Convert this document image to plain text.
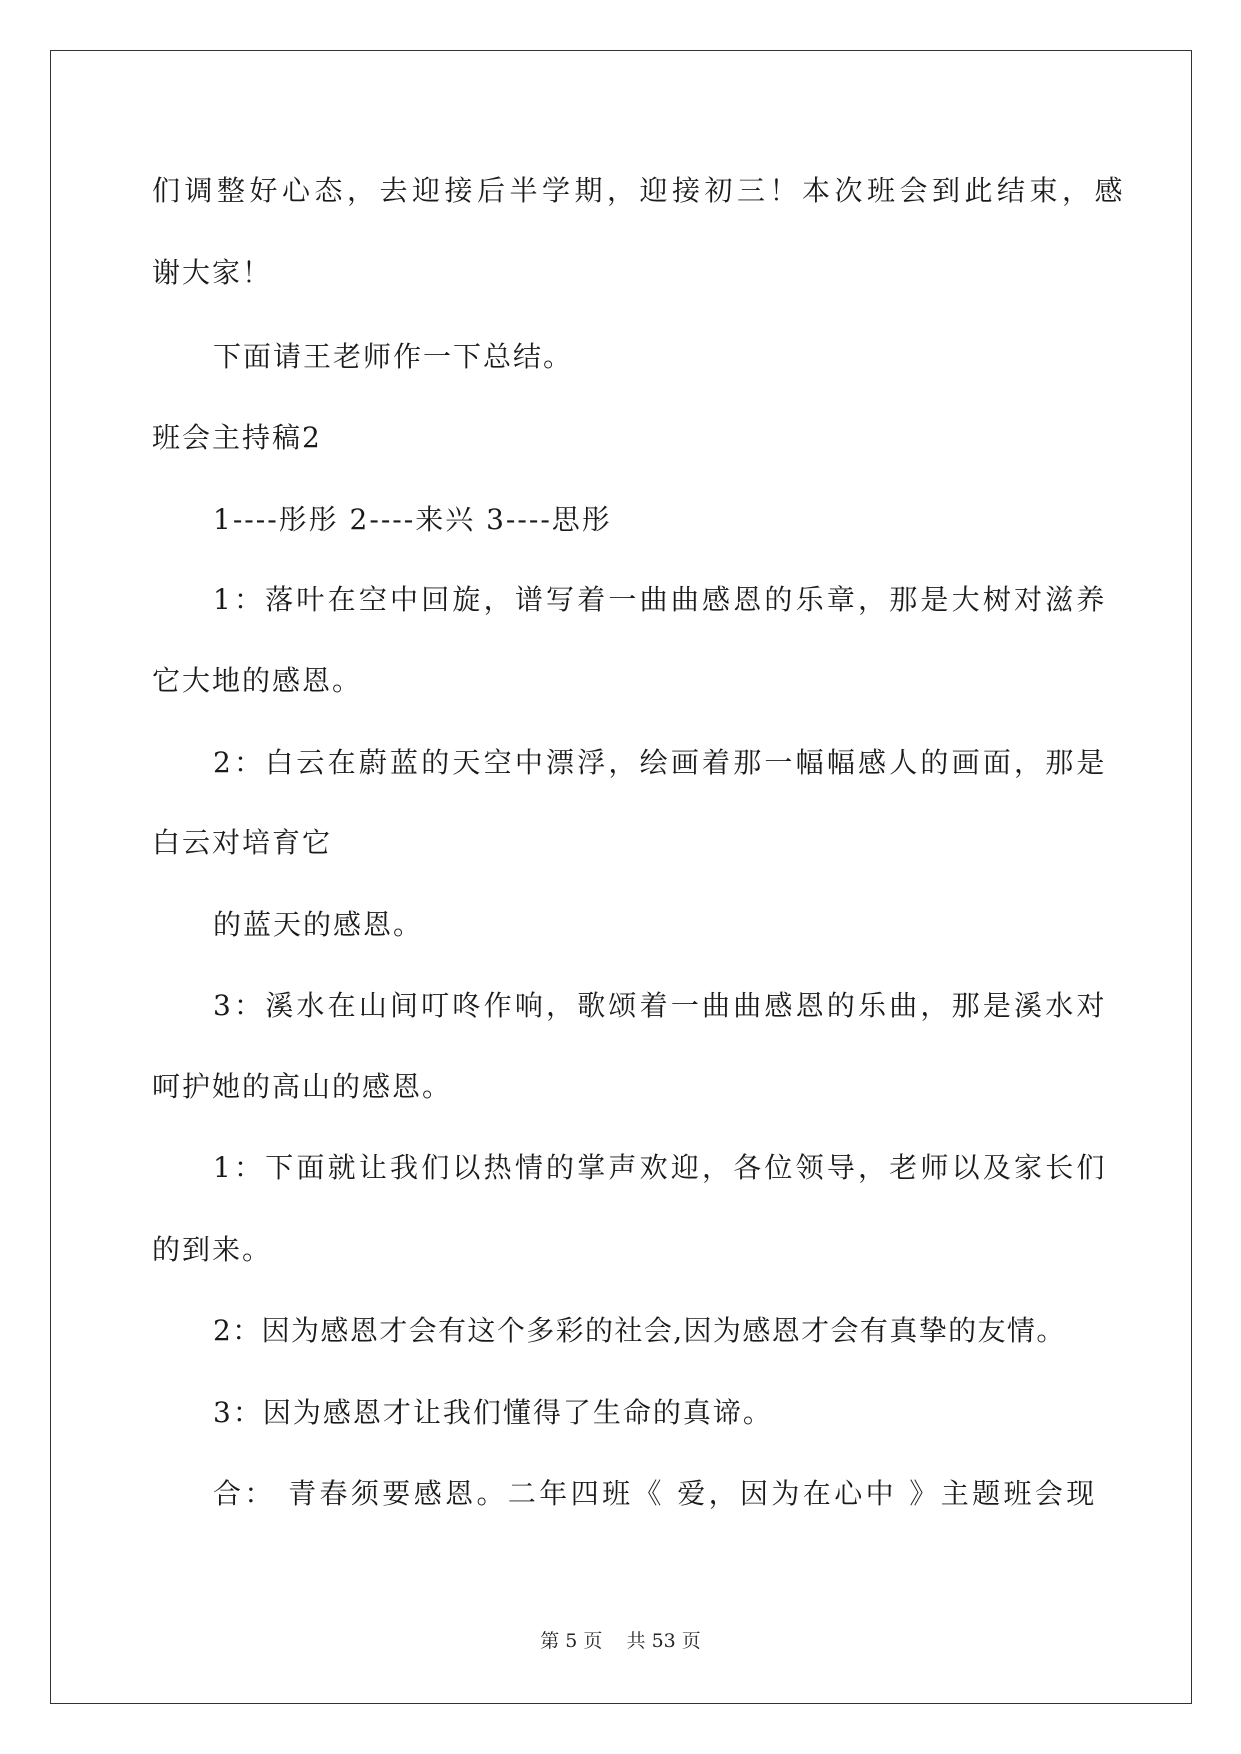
们调整好心态，去迎接后半学期，迎接初三！本次班会到此结束，感
谢大家！
下面请王老师作一下总结。
班会主持稿2
1----彤彤 2----来兴 3----思彤
1：落叶在空中回旋，谱写着一曲曲感恩的乐章，那是大树对滋养
它大地的感恩。
2：白云在蔚蓝的天空中漂浮，绘画着那一幅幅感人的画面，那是
白云对培育它
的蓝天的感恩。
3：溪水在山间叮咚作响，歌颂着一曲曲感恩的乐曲，那是溪水对
呵护她的高山的感恩。
1：下面就让我们以热情的掌声欢迎，各位领导，老师以及家长们
的到来。
2：因为感恩才会有这个多彩的社会,因为感恩才会有真挚的友情。
3：因为感恩才让我们懂得了生命的真谛。
合： 青春须要感恩。二年四班《 爱，因为在心中 》主题班会现
第 5 页 共 53 页
